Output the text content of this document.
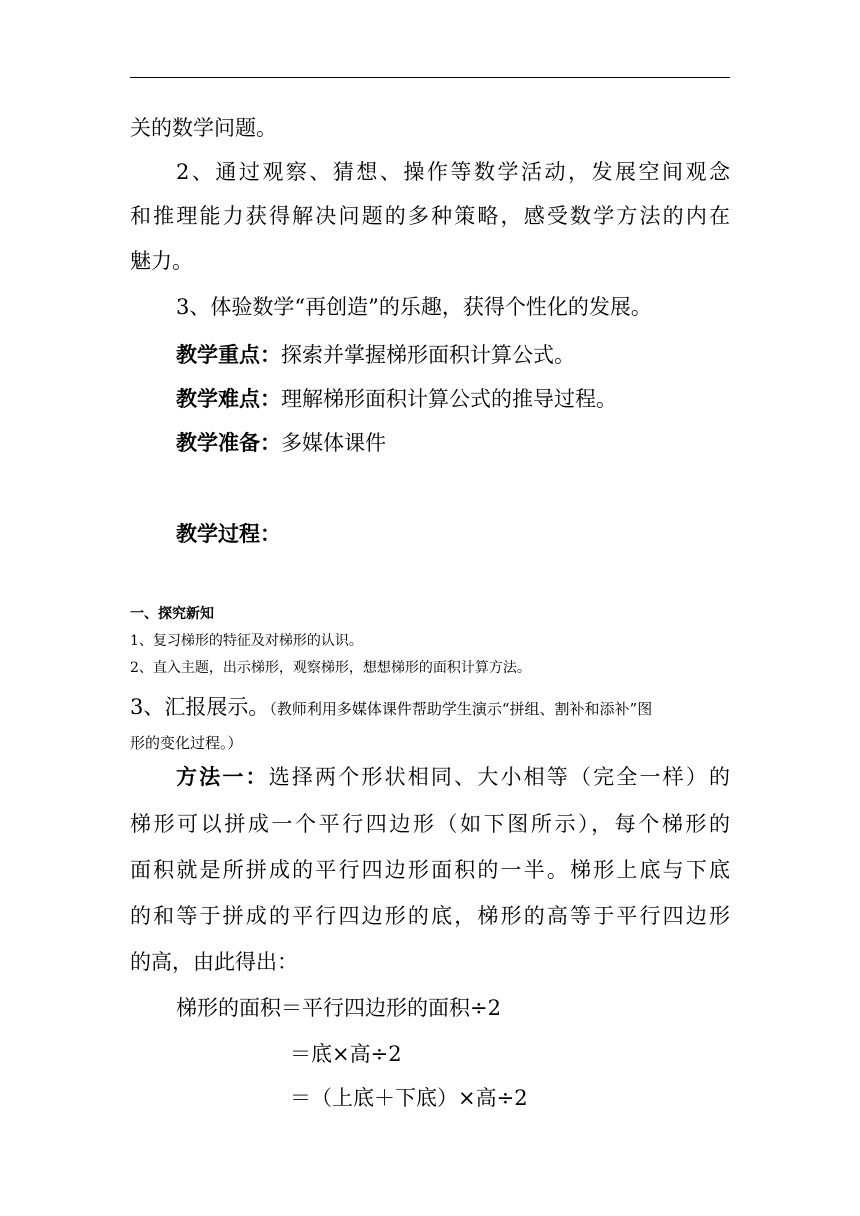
关的数学问题。
2、通过观察、猜想、操作等数学活动，发展空间观念
和推理能力获得解决问题的多种策略，感受数学方法的内在
魅力。
3、体验数学“再创造”的乐趣，获得个性化的发展。
教学重点：探索并掌握梯形面积计算公式。
教学难点：理解梯形面积计算公式的推导过程。
教学准备：多媒体课件
教学过程：
一、探究新知
1、复习梯形的特征及对梯形的认识。
2、直入主题，出示梯形，观察梯形，想想梯形的面积计算方法。
3、汇报展示。（教师利用多媒体课件帮助学生演示“拼组、割补和添补”图
形的变化过程。）
方法一：选择两个形状相同、大小相等（完全一样）的
梯形可以拼成一个平行四边形（如下图所示），每个梯形的
面积就是所拼成的平行四边形面积的一半。梯形上底与下底
的和等于拼成的平行四边形的底，梯形的高等于平行四边形
的高，由此得出：
梯形的面积＝平行四边形的面积÷2
＝底×高÷2
＝（上底＋下底）×高÷2
